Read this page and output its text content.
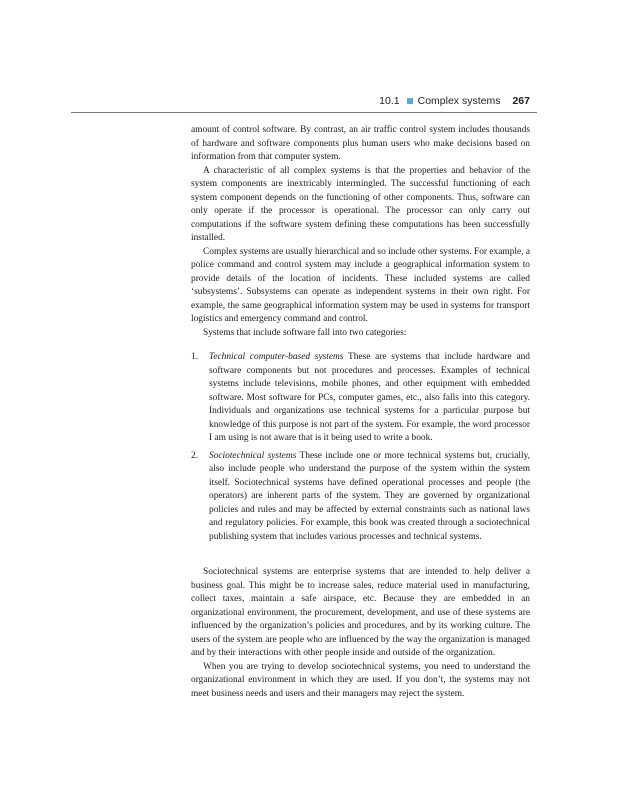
10.1 Complex systems 267

amount of control software. By contrast, an air traffic control system includes thousands of hardware and software components plus human users who make decisions based on information from that computer system.

A characteristic of all complex systems is that the properties and behavior of the system components are inextricably intermingled. The successful functioning of each system component depends on the functioning of other components. Thus, software can only operate if the processor is operational. The processor can only carry out computations if the software system defining these computations has been successfully installed.

Complex systems are usually hierarchical and so include other systems. For example, a police command and control system may include a geographical information system to provide details of the location of incidents. These included systems are called ‘subsystems’. Subsystems can operate as independent systems in their own right. For example, the same geographical information system may be used in systems for transport logistics and emergency command and control.

Systems that include software fall into two categories:

1. Technical computer-based systems These are systems that include hardware and software components but not procedures and processes. Examples of technical systems include televisions, mobile phones, and other equipment with embedded software. Most software for PCs, computer games, etc., also falls into this category. Individuals and organizations use technical systems for a particular purpose but knowledge of this purpose is not part of the system. For example, the word processor I am using is not aware that is it being used to write a book.
2. Sociotechnical systems These include one or more technical systems but, crucially, also include people who understand the purpose of the system within the system itself. Sociotechnical systems have defined operational processes and people (the operators) are inherent parts of the system. They are governed by organizational policies and rules and may be affected by external constraints such as national laws and regulatory policies. For example, this book was created through a sociotechnical publishing system that includes various processes and technical systems.

Sociotechnical systems are enterprise systems that are intended to help deliver a business goal. This might be to increase sales, reduce material used in manufacturing, collect taxes, maintain a safe airspace, etc. Because they are embedded in an organizational environment, the procurement, development, and use of these systems are influenced by the organization’s policies and procedures, and by its working culture. The users of the system are people who are influenced by the way the organization is managed and by their interactions with other people inside and outside of the organization.

When you are trying to develop sociotechnical systems, you need to understand the organizational environment in which they are used. If you don’t, the systems may not meet business needs and users and their managers may reject the system.
